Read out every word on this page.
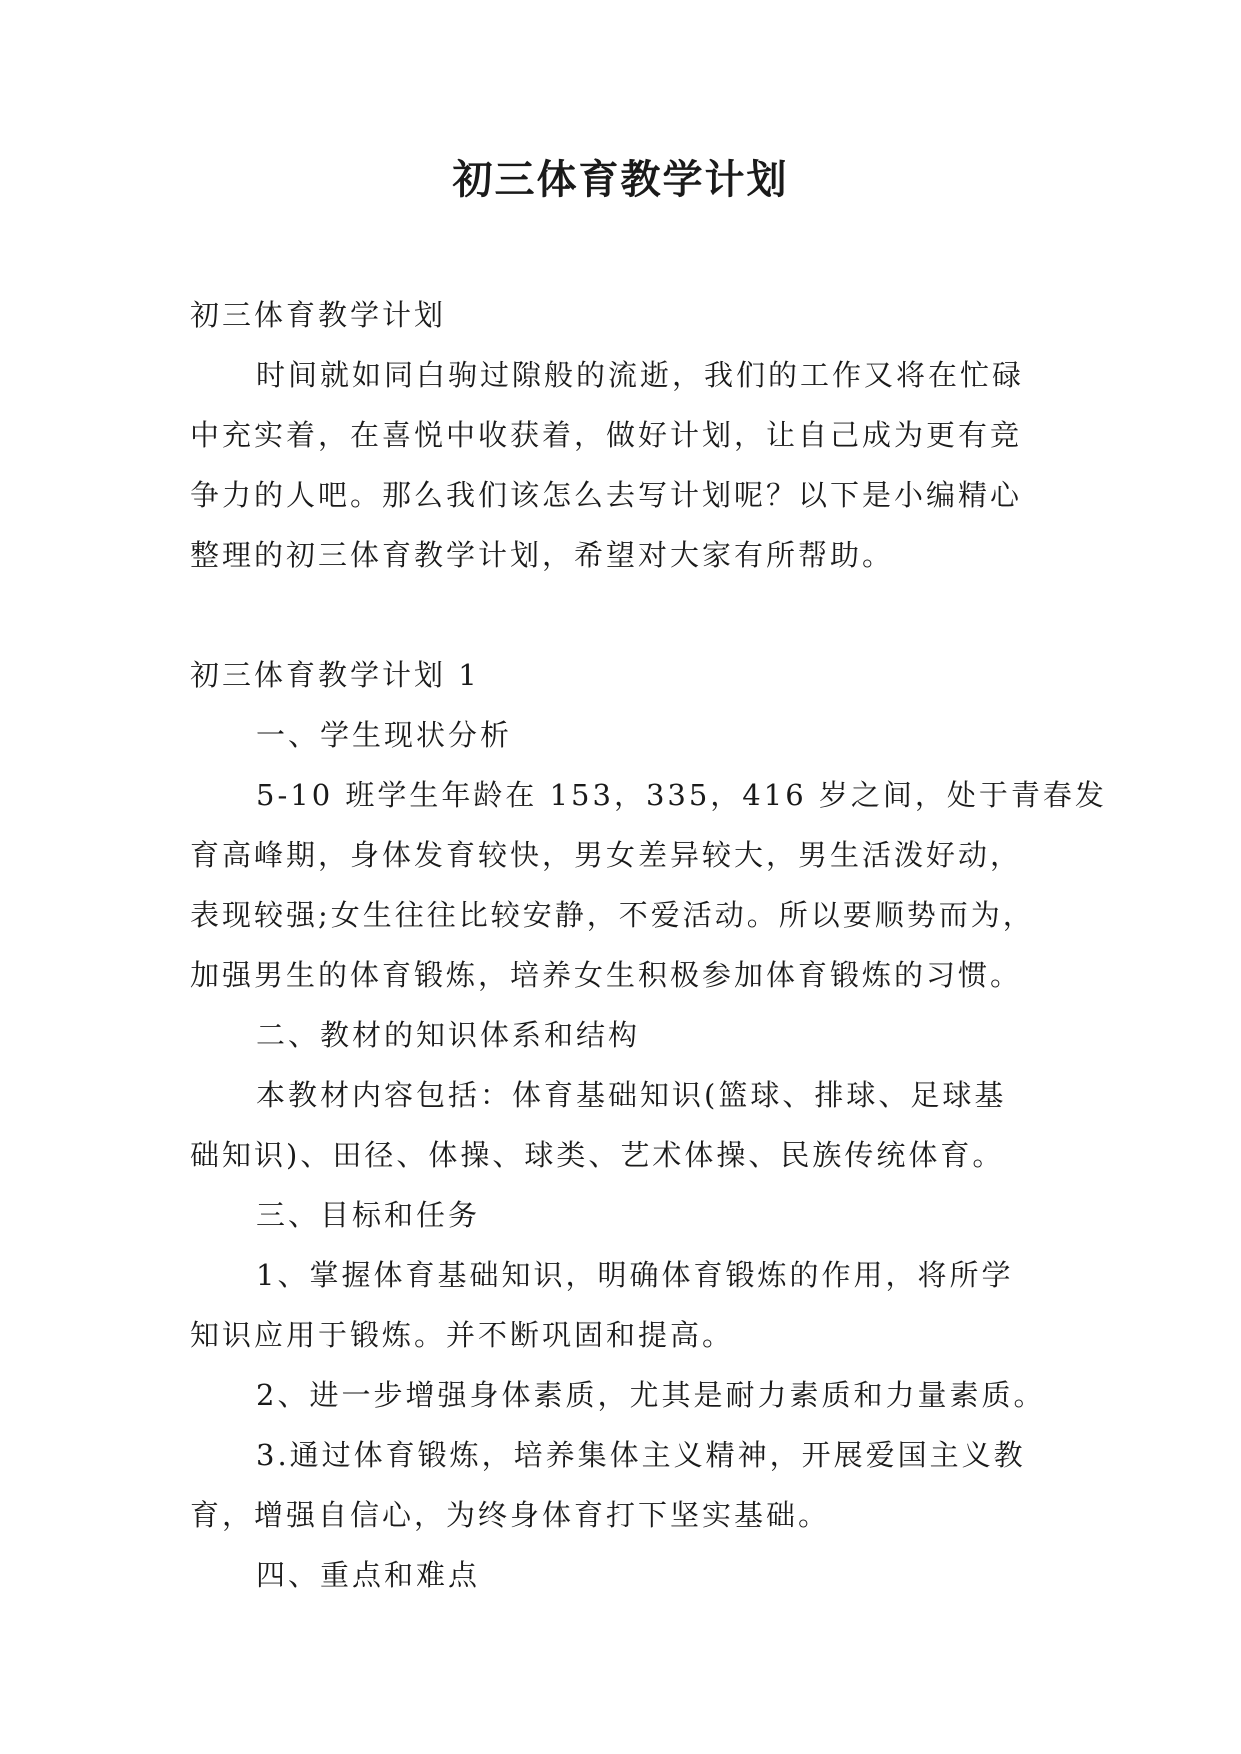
初三体育教学计划
初三体育教学计划
时间就如同白驹过隙般的流逝，我们的工作又将在忙碌
中充实着，在喜悦中收获着，做好计划，让自己成为更有竞
争力的人吧。那么我们该怎么去写计划呢？以下是小编精心
整理的初三体育教学计划，希望对大家有所帮助。
初三体育教学计划 1
一、学生现状分析
5-10 班学生年龄在 153，335，416 岁之间，处于青春发
育高峰期，身体发育较快，男女差异较大，男生活泼好动，
表现较强;女生往往比较安静，不爱活动。所以要顺势而为，
加强男生的体育锻炼，培养女生积极参加体育锻炼的习惯。
二、教材的知识体系和结构
本教材内容包括：体育基础知识(篮球、排球、足球基
础知识)、田径、体操、球类、艺术体操、民族传统体育。
三、目标和任务
1、掌握体育基础知识，明确体育锻炼的作用，将所学
知识应用于锻炼。并不断巩固和提高。
2、进一步增强身体素质，尤其是耐力素质和力量素质。
3.通过体育锻炼，培养集体主义精神，开展爱国主义教
育，增强自信心，为终身体育打下坚实基础。
四、重点和难点
